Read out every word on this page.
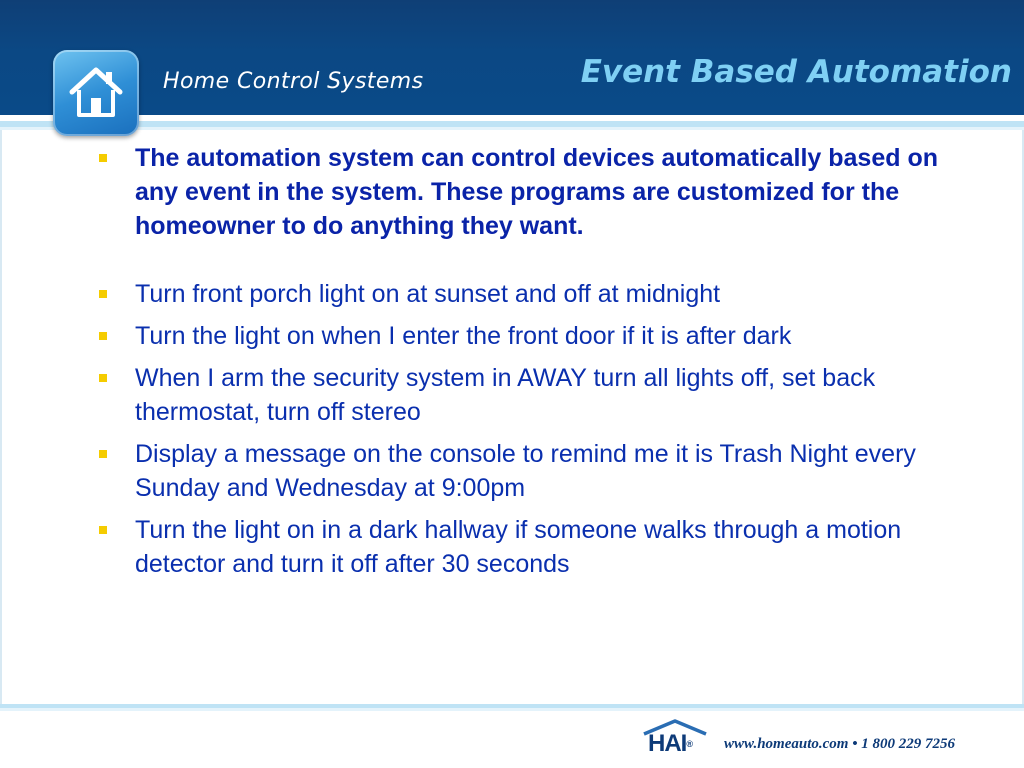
Home Control Systems	Event Based Automation
The automation system can control devices automatically based on any event in the system. These programs are customized for the homeowner to do anything they want.
Turn front porch light on at sunset and off at midnight
Turn the light on when I enter the front door if it is after dark
When I arm the security system in AWAY turn all lights off, set back thermostat, turn off stereo
Display a message on the console to remind me it is Trash Night every Sunday and Wednesday at 9:00pm
Turn the light on in a dark hallway if someone walks through a motion detector and turn it off after 30 seconds
HAI® www.homeauto.com • 1 800 229 7256
